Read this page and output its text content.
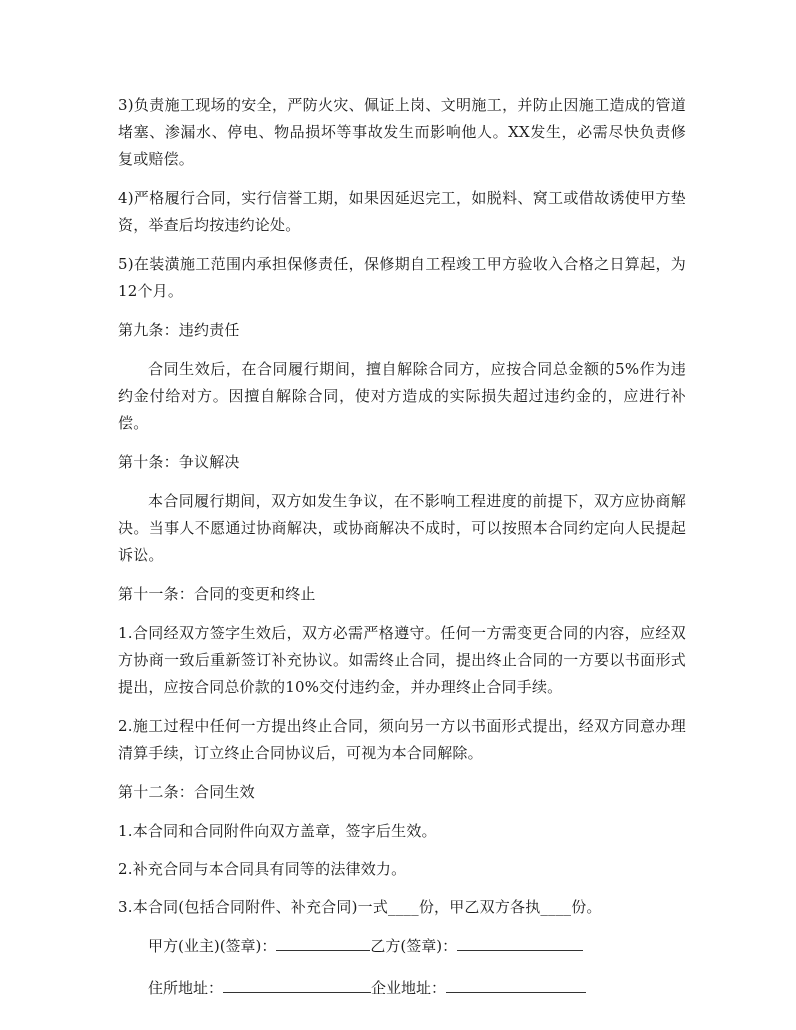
3)负责施工现场的安全，严防火灾、佩证上岗、文明施工，并防止因施工造成的管道堵塞、渗漏水、停电、物品损坏等事故发生而影响他人。XX发生，必需尽快负责修复或赔偿。

4)严格履行合同，实行信誉工期，如果因延迟完工，如脱料、窝工或借故诱使甲方垫资，举查后均按违约论处。

5)在装潢施工范围内承担保修责任，保修期自工程竣工甲方验收入合格之日算起，为12个月。

第九条：违约责任

合同生效后，在合同履行期间，擅自解除合同方，应按合同总金额的5%作为违约金付给对方。因擅自解除合同，使对方造成的实际损失超过违约金的，应进行补偿。

第十条：争议解决

本合同履行期间，双方如发生争议，在不影响工程进度的前提下，双方应协商解决。当事人不愿通过协商解决，或协商解决不成时，可以按照本合同约定向人民提起诉讼。

第十一条：合同的变更和终止

1.合同经双方签字生效后，双方必需严格遵守。任何一方需变更合同的内容，应经双方协商一致后重新签订补充协议。如需终止合同，提出终止合同的一方要以书面形式提出，应按合同总价款的10%交付违约金，并办理终止合同手续。

2.施工过程中任何一方提出终止合同，须向另一方以书面形式提出，经双方同意办理清算手续，订立终止合同协议后，可视为本合同解除。

第十二条：合同生效

1.本合同和合同附件向双方盖章，签字后生效。

2.补充合同与本合同具有同等的法律效力。

3.本合同(包括合同附件、补充合同)一式____份，甲乙双方各执____份。

甲方(业主)(签章)：	乙方(签章)：
住所地址：	企业地址：
